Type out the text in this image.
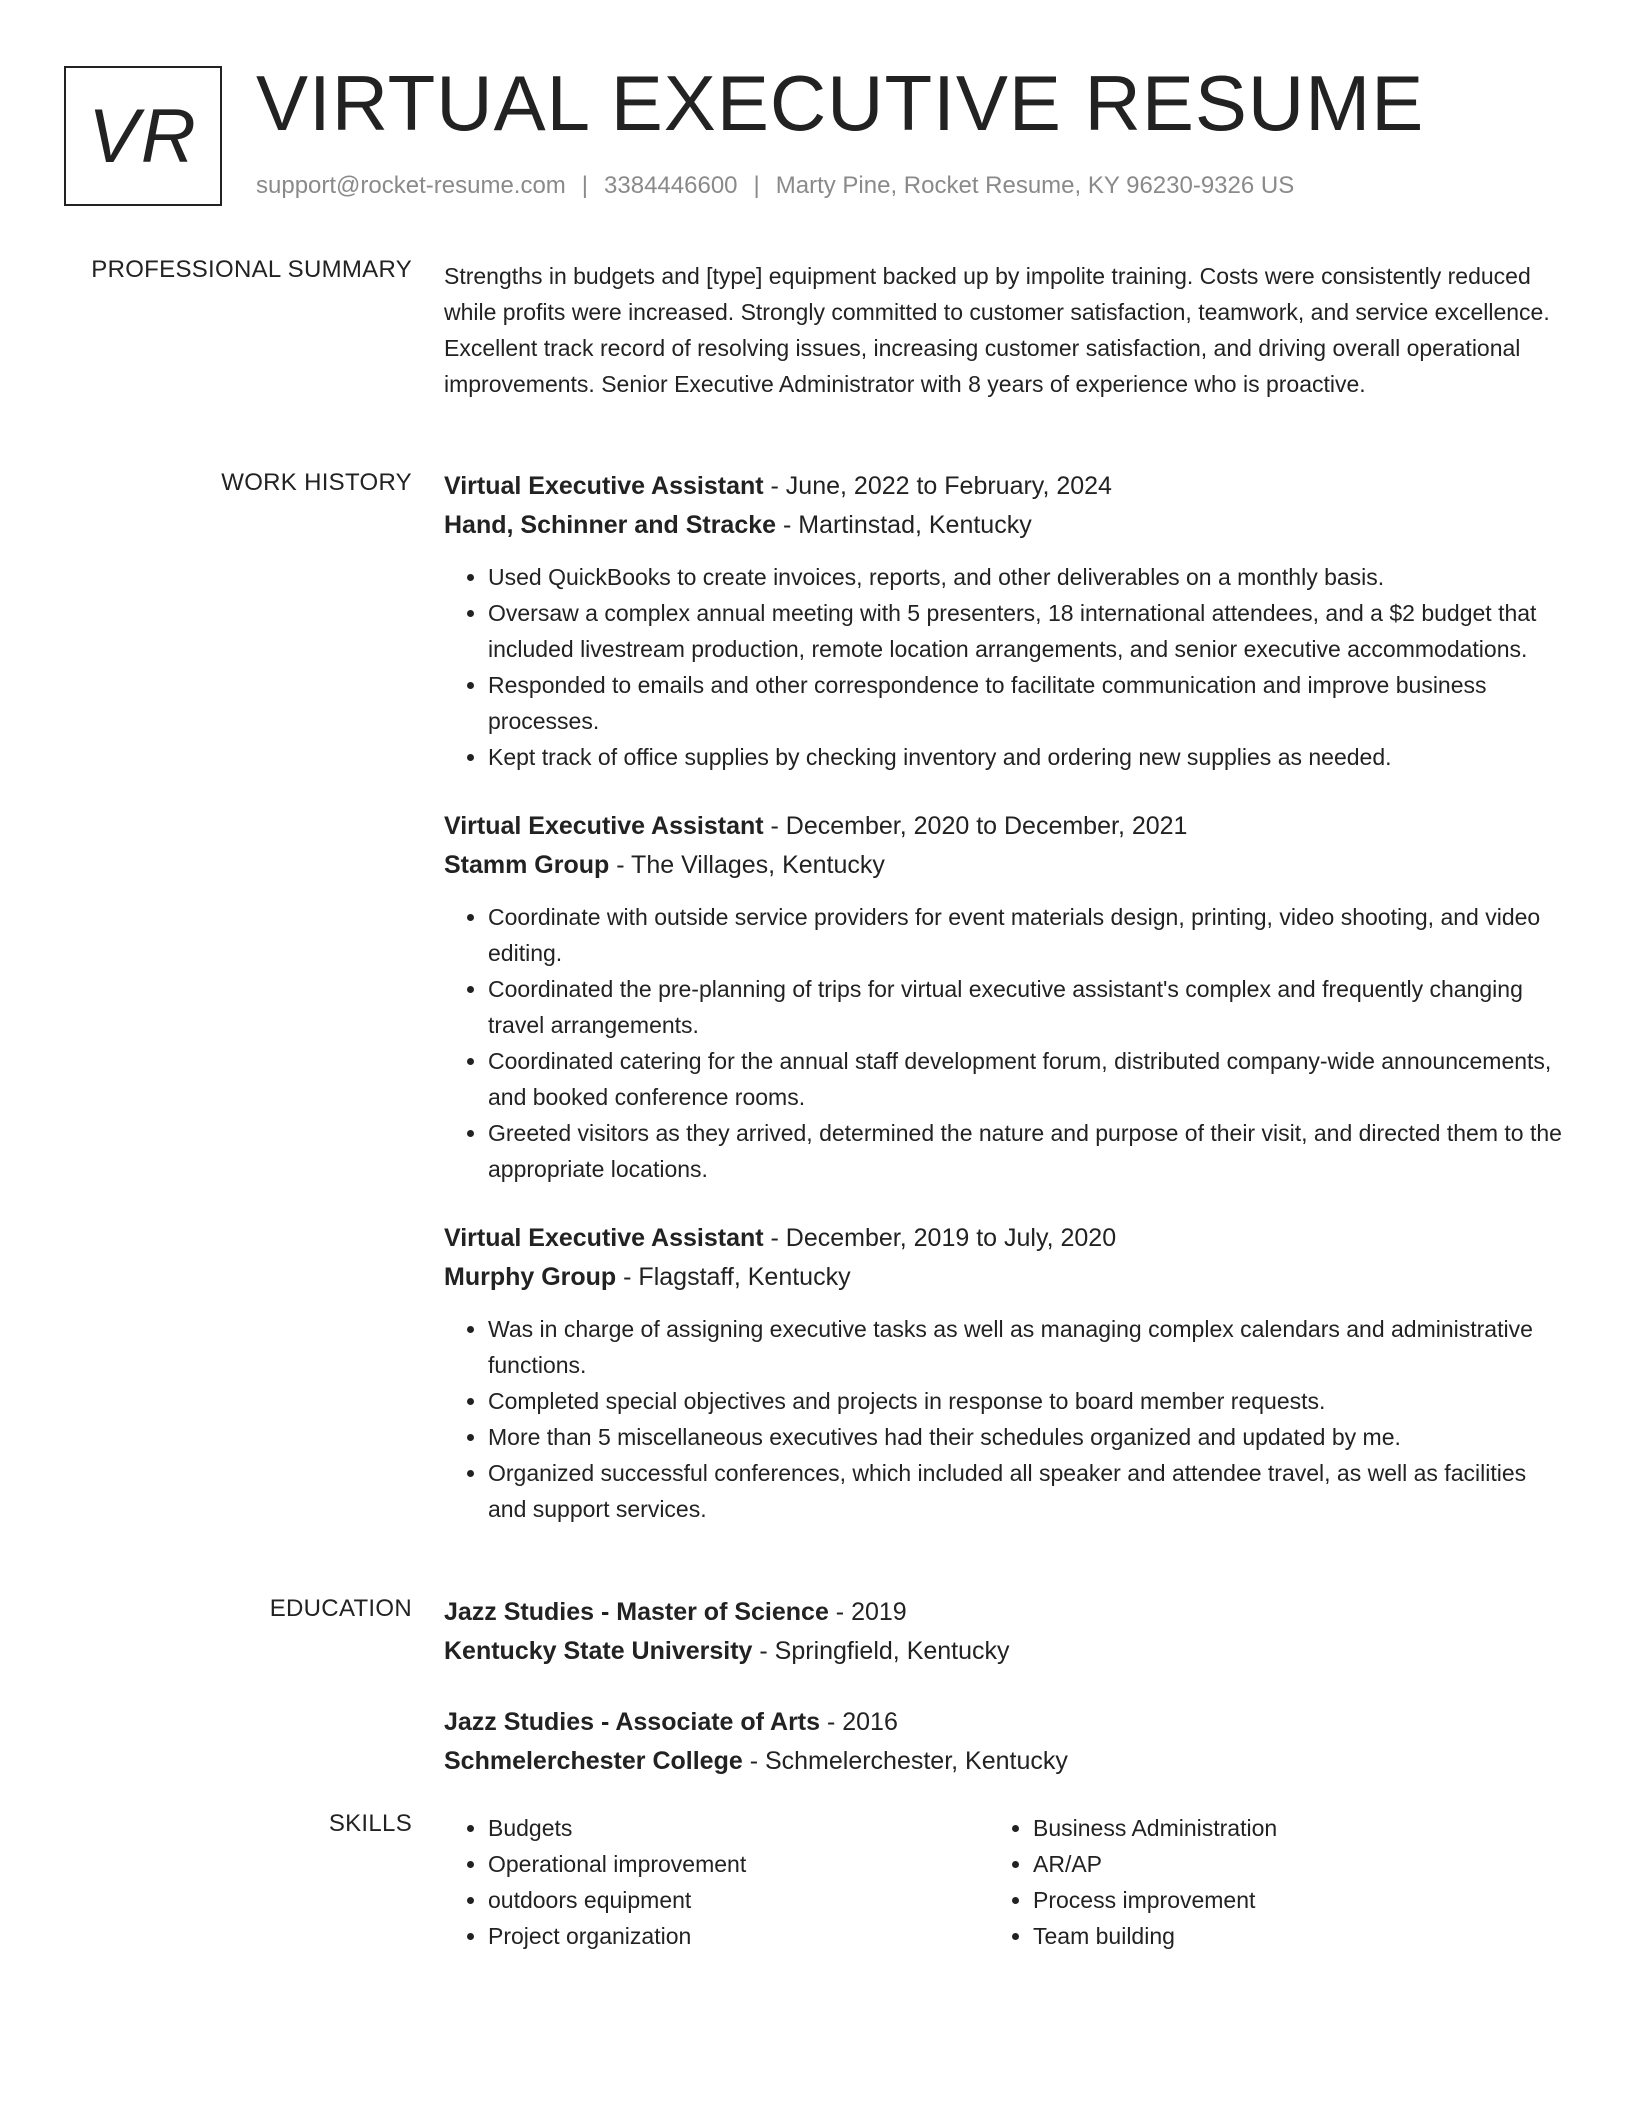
VR VIRTUAL EXECUTIVE RESUME
support@rocket-resume.com | 3384446600 | Marty Pine, Rocket Resume, KY 96230-9326 US
PROFESSIONAL SUMMARY Strengths in budgets and [type] equipment backed up by impolite training. Costs were consistently reduced while profits were increased. Strongly committed to customer satisfaction, teamwork, and service excellence. Excellent track record of resolving issues, increasing customer satisfaction, and driving overall operational improvements. Senior Executive Administrator with 8 years of experience who is proactive.

WORK HISTORY Virtual Executive Assistant - June, 2022 to February, 2024
Hand, Schinner and Stracke - Martinstad, Kentucky
• Used QuickBooks to create invoices, reports, and other deliverables on a monthly basis.
• Oversaw a complex annual meeting with 5 presenters, 18 international attendees, and a $2 budget that included livestream production, remote location arrangements, and senior executive accommodations.
• Responded to emails and other correspondence to facilitate communication and improve business processes.
• Kept track of office supplies by checking inventory and ordering new supplies as needed.
Virtual Executive Assistant - December, 2020 to December, 2021
Stamm Group - The Villages, Kentucky
• Coordinate with outside service providers for event materials design, printing, video shooting, and video editing.
• Coordinated the pre-planning of trips for virtual executive assistant's complex and frequently changing travel arrangements.
• Coordinated catering for the annual staff development forum, distributed company-wide announcements, and booked conference rooms.
• Greeted visitors as they arrived, determined the nature and purpose of their visit, and directed them to the appropriate locations.
Virtual Executive Assistant - December, 2019 to July, 2020
Murphy Group - Flagstaff, Kentucky
• Was in charge of assigning executive tasks as well as managing complex calendars and administrative functions.
• Completed special objectives and projects in response to board member requests.
• More than 5 miscellaneous executives had their schedules organized and updated by me.
• Organized successful conferences, which included all speaker and attendee travel, as well as facilities and support services.
EDUCATION Jazz Studies - Master of Science - 2019
Kentucky State University - Springfield, Kentucky
Jazz Studies - Associate of Arts - 2016
Schmelerchester College - Schmelerchester, Kentucky
SKILLS
•	Budgets
• Operational improvement
• outdoors equipment
• Project organization
• Business Administration
• AR/AP
• Process improvement
• Team building
